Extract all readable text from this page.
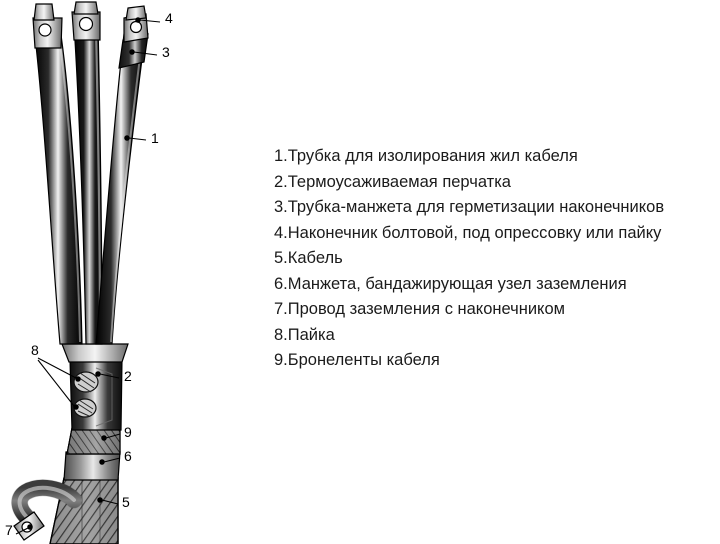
1
2
3
4
5
6
7
8
9
1.Трубка для изолирования жил кабеля
2.Термоусаживаемая перчатка
3.Трубка-манжета для герметизации наконечников
4.Наконечник болтовой, под опрессовку или пайку
5.Кабель
6.Манжета, бандажирующая узел заземления
7.Провод заземления с наконечником
8.Пайка
9.Бронеленты кабеля
